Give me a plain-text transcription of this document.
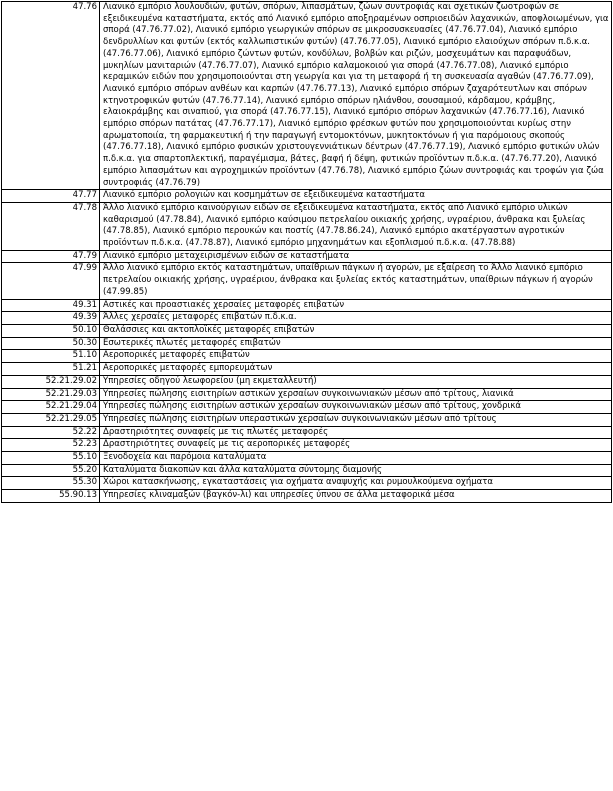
47.76	Λιανικό εμπόριο λουλουδιών, φυτών, σπόρων, λιπασμάτων, ζώων συντροφιάς και σχετικών ζωοτροφών σε εξειδικευμένα καταστήματα, εκτός από Λιανικό εμπόριο αποξηραμένων οσπριοειδών λαχανικών, αποφλοιωμένων, για σπορά (47.76.77.02), Λιανικό εμπόριο γεωργικών σπόρων σε μικροσυσκευασίες (47.76.77.04), Λιανικό εμπόριο δενδρυλλίων και φυτών (εκτός καλλωπιστικών φυτών) (47.76.77.05), Λιανικό εμπόριο ελαιούχων σπόρων π.δ.κ.α. (47.76.77.06), Λιανικό εμπόριο ζώντων φυτών, κονδύλων, βολβών και ριζών, μοσχευμάτων και παραφυάδων, μυκηλίων μανιταριών (47.76.77.07), Λιανικό εμπόριο καλαμοκοιού για σπορά (47.76.77.08), Λιανικό εμπόριο κεραμικών ειδών που χρησιμοποιούνται στη γεωργία και για τη μεταφορά ή τη συσκευασία αγαθών (47.76.77.09), Λιανικό εμπόριο σπόρων ανθέων και καρπών (47.76.77.13), Λιανικό εμπόριο σπόρων ζαχαρότευτλων και σπόρων κτηνοτροφικών φυτών (47.76.77.14), Λιανικό εμπόριο σπόρων ηλιάνθου, σουσαμιού, κάρδαμου, κράμβης, ελαιοκράμβης και σιναπιού, για σπορά (47.76.77.15), Λιανικό εμπόριο σπόρων λαχανικών (47.76.77.16), Λιανικό εμπόριο σπόρων πατάτας (47.76.77.17), Λιανικό εμπόριο φρέσκων φυτών που χρησιμοποιούνται κυρίως στην αρωματοποιία, τη φαρμακευτική ή την παραγωγή εντομοκτόνων, μυκητοκτόνων ή για παρόμοιους σκοπούς (47.76.77.18), Λιανικό εμπόριο φυσικών χριστουγεννιάτικων δέντρων (47.76.77.19), Λιανικό εμπόριο φυτικών υλών π.δ.κ.α. για σπαρτοπλεκτική, παραγέμισμα, βάτες, βαφή ή δέψη, φυτικών προϊόντων π.δ.κ.α. (47.76.77.20), Λιανικό εμπόριο λιπασμάτων και αγροχημικών προϊόντων (47.76.78), Λιανικό εμπόριο ζώων συντροφιάς και τροφών για ζώα συντροφιάς (47.76.79)
47.77	Λιανικό εμπόριο ρολογιών και κοσμημάτων σε εξειδικευμένα καταστήματα
47.78	Άλλο λιανικό εμπόριο καινούργιων ειδών σε εξειδικευμένα καταστήματα, εκτός από Λιανικό εμπόριο υλικών καθαρισμού (47.78.84), Λιανικό εμπόριο καύσιμου πετρελαίου οικιακής χρήσης, υγραέριου, άνθρακα και ξυλείας (47.78.85), Λιανικό εμπόριο περουκών και ποστίς (47.78.86.24), Λιανικό εμπόριο ακατέργαστων αγροτικών προϊόντων π.δ.κ.α. (47.78.87), Λιανικό εμπόριο μηχανημάτων και εξοπλισμού π.δ.κ.α. (47.78.88)
47.79	Λιανικό εμπόριο μεταχειρισμένων ειδών σε καταστήματα
47.99	Άλλο λιανικό εμπόριο εκτός καταστημάτων, υπαίθριων πάγκων ή αγορών, με εξαίρεση το Άλλο λιανικό εμπόριο πετρελαίου οικιακής χρήσης, υγραέριου, άνθρακα και ξυλείας εκτός καταστημάτων, υπαίθριων πάγκων ή αγορών (47.99.85)
49.31	Αστικές και προαστιακές χερσαίες μεταφορές επιβατών
49.39	Άλλες χερσαίες μεταφορές επιβατών π.δ.κ.α.
50.10	Θαλάσσιες και ακτοπλοϊκές μεταφορές επιβατών
50.30	Εσωτερικές πλωτές μεταφορές επιβατών
51.10	Αεροπορικές μεταφορές επιβατών
51.21	Αεροπορικές μεταφορές εμπορευμάτων
52.21.29.02	Υπηρεσίες οδηγού λεωφορείου (μη εκμεταλλευτή)
52.21.29.03	Υπηρεσίες πώλησης εισιτηρίων αστικών χερσαίων συγκοινωνιακών μέσων από τρίτους, λιανικά
52.21.29.04	Υπηρεσίες πώλησης εισιτηρίων αστικών χερσαίων συγκοινωνιακών μέσων από τρίτους, χονδρικά
52.21.29.05	Υπηρεσίες πώλησης εισιτηρίων υπεραστικών χερσαίων συγκοινωνιακών μέσων από τρίτους
52.22	Δραστηριότητες συναφείς με τις πλωτές μεταφορές
52.23	Δραστηριότητες συναφείς με τις αεροπορικές μεταφορές
55.10	Ξενοδοχεία και παρόμοια καταλύματα
55.20	Καταλύματα διακοπών και άλλα καταλύματα σύντομης διαμονής
55.30	Χώροι κατασκήνωσης, εγκαταστάσεις για οχήματα αναψυχής και ρυμουλκούμενα οχήματα
55.90.13	Υπηρεσίες κλιναμαξών (βαγκόν-λι) και υπηρεσίες ύπνου σε άλλα μεταφορικά μέσα
